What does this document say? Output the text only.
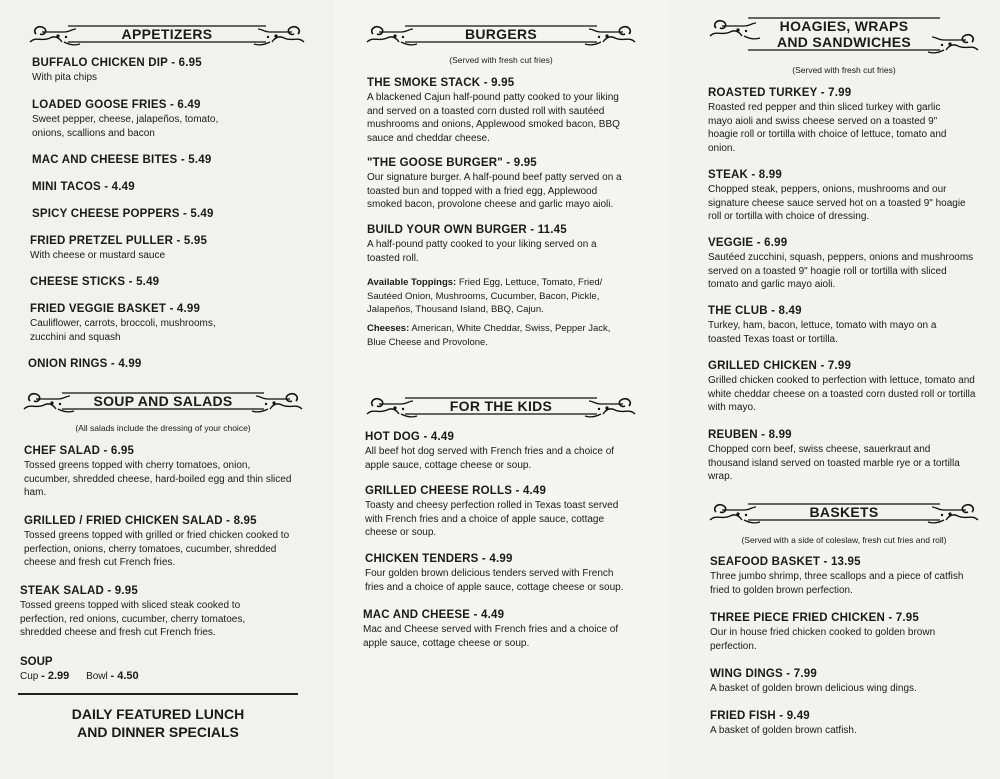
APPETIZERS
BUFFALO CHICKEN DIP - 6.95
With pita chips
LOADED GOOSE FRIES - 6.49
Sweet pepper, cheese, jalapeños, tomato, onions, scallions and bacon
MAC AND CHEESE BITES - 5.49
MINI TACOS - 4.49
SPICY CHEESE POPPERS - 5.49
FRIED PRETZEL PULLER - 5.95
With cheese or mustard sauce
CHEESE STICKS - 5.49
FRIED VEGGIE BASKET - 4.99
Cauliflower, carrots, broccoli, mushrooms, zucchini and squash
ONION RINGS - 4.99
SOUP AND SALADS
(All salads include the dressing of your choice)
CHEF SALAD - 6.95
Tossed greens topped with cherry tomatoes, onion, cucumber, shredded cheese, hard-boiled egg and thin sliced ham.
GRILLED / FRIED CHICKEN SALAD - 8.95
Tossed greens topped with grilled or fried chicken cooked to perfection, onions, cherry tomatoes, cucumber, shredded cheese and fresh cut French fries.
STEAK SALAD - 9.95
Tossed greens topped with sliced steak cooked to perfection, red onions, cucumber, cherry tomatoes, shredded cheese and fresh cut French fries.
SOUP
Cup - 2.99 Bowl - 4.50
DAILY FEATURED LUNCH
AND DINNER SPECIALS
BURGERS
(Served with fresh cut fries)
THE SMOKE STACK - 9.95
A blackened Cajun half-pound patty cooked to your liking and served on a toasted corn dusted roll with sautéed mushrooms and onions, Applewood smoked bacon, BBQ sauce and cheddar cheese.
"THE GOOSE BURGER" - 9.95
Our signature burger. A half-pound beef patty served on a toasted bun and topped with a fried egg, Applewood smoked bacon, provolone cheese and garlic mayo aioli.
BUILD YOUR OWN BURGER - 11.45
A half-pound patty cooked to your liking served on a toasted roll.
Available Toppings: Fried Egg, Lettuce, Tomato, Fried/ Sautéed Onion, Mushrooms, Cucumber, Bacon, Pickle, Jalapeños, Thousand Island, BBQ, Cajun.
Cheeses: American, White Cheddar, Swiss, Pepper Jack, Blue Cheese and Provolone.
FOR THE KIDS
HOT DOG - 4.49
All beef hot dog served with French fries and a choice of apple sauce, cottage cheese or soup.
GRILLED CHEESE ROLLS - 4.49
Toasty and cheesy perfection rolled in Texas toast served with French fries and a choice of apple sauce, cottage cheese or soup.
CHICKEN TENDERS - 4.99
Four golden brown delicious tenders served with French fries and a choice of apple sauce, cottage cheese or soup.
MAC AND CHEESE - 4.49
Mac and Cheese served with French fries and a choice of apple sauce, cottage cheese or soup.
HOAGIES, WRAPS
AND SANDWICHES
(Served with fresh cut fries)
ROASTED TURKEY - 7.99
Roasted red pepper and thin sliced turkey with garlic mayo aioli and swiss cheese served on a toasted 9" hoagie roll or tortilla with choice of lettuce, tomato and onion.
STEAK - 8.99
Chopped steak, peppers, onions, mushrooms and our signature cheese sauce served hot on a toasted 9" hoagie roll or tortilla with choice of dressing.
VEGGIE - 6.99
Sautéed zucchini, squash, peppers, onions and mushrooms served on a toasted 9" hoagie roll or tortilla with sliced tomato and garlic mayo aioli.
THE CLUB - 8.49
Turkey, ham, bacon, lettuce, tomato with mayo on a toasted Texas toast or tortilla.
GRILLED CHICKEN - 7.99
Grilled chicken cooked to perfection with lettuce, tomato and white cheddar cheese on a toasted corn dusted roll or tortilla with mayo.
REUBEN - 8.99
Chopped corn beef, swiss cheese, sauerkraut and thousand island served on toasted marble rye or a tortilla wrap.
BASKETS
(Served with a side of coleslaw, fresh cut fries and roll)
SEAFOOD BASKET - 13.95
Three jumbo shrimp, three scallops and a piece of catfish fried to golden brown perfection.
THREE PIECE FRIED CHICKEN - 7.95
Our in house fried chicken cooked to golden brown perfection.
WING DINGS - 7.99
A basket of golden brown delicious wing dings.
FRIED FISH - 9.49
A basket of golden brown catfish.
